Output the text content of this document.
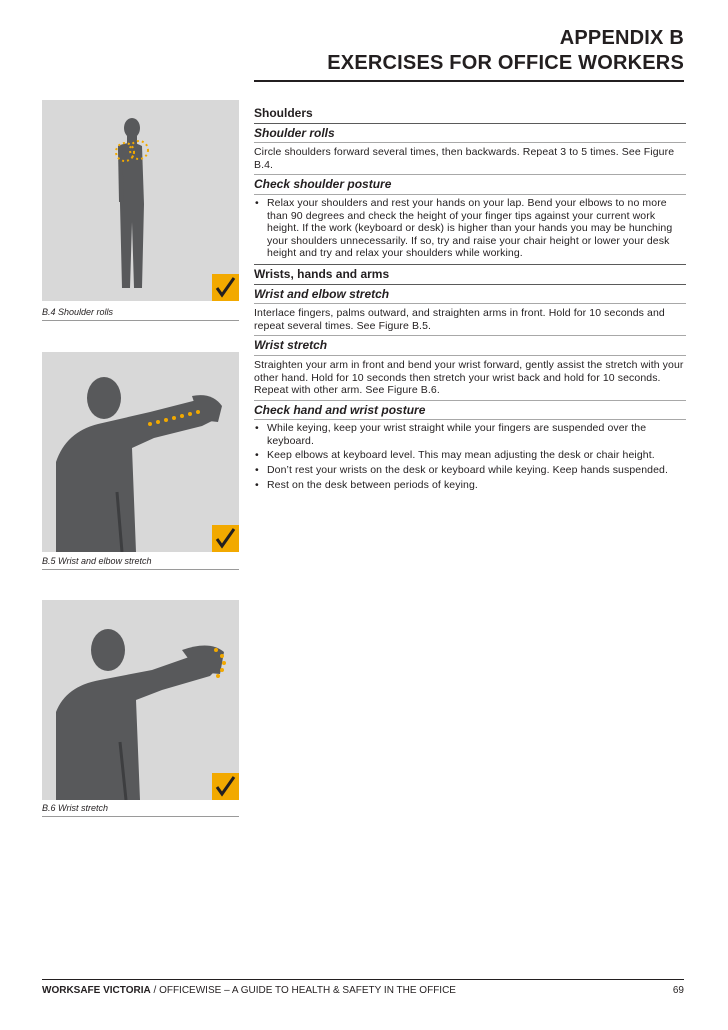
APPENDIX B
EXERCISES FOR OFFICE WORKERS
B.4 Shoulder rolls
B.5 Wrist and elbow stretch
B.6 Wrist stretch
Shoulders
Shoulder rolls

Circle shoulders forward several times, then backwards. Repeat 3 to 5 times. See Figure B.4.

Check shoulder posture
• Relax your shoulders and rest your hands on your lap. Bend your elbows to no more than 90 degrees and check the height of your finger tips against your current work height. If the work (keyboard or desk) is higher than your hands you may be hunching your shoulders unnecessarily. If so, try and raise your chair height or lower your desk height and try and relax your shoulders while working.
Wrists, hands and arms
Wrist and elbow stretch

Interlace fingers, palms outward, and straighten arms in front. Hold for 10 seconds and repeat several times. See Figure B.5.

Wrist stretch

Straighten your arm in front and bend your wrist forward, gently assist the stretch with your other hand. Hold for 10 seconds then stretch your wrist back and hold for 10 seconds. Repeat with other arm. See Figure B.6.

Check hand and wrist posture
• While keying, keep your wrist straight while your fingers are suspended over the keyboard.
• Keep elbows at keyboard level. This may mean adjusting the desk or chair height.
• Don’t rest your wrists on the desk or keyboard while keying. Keep hands suspended.
• Rest on the desk between periods of keying.
WORKSAFE VICTORIA / OFFICEWISE – A GUIDE TO HEALTH & SAFETY IN THE OFFICE	69
